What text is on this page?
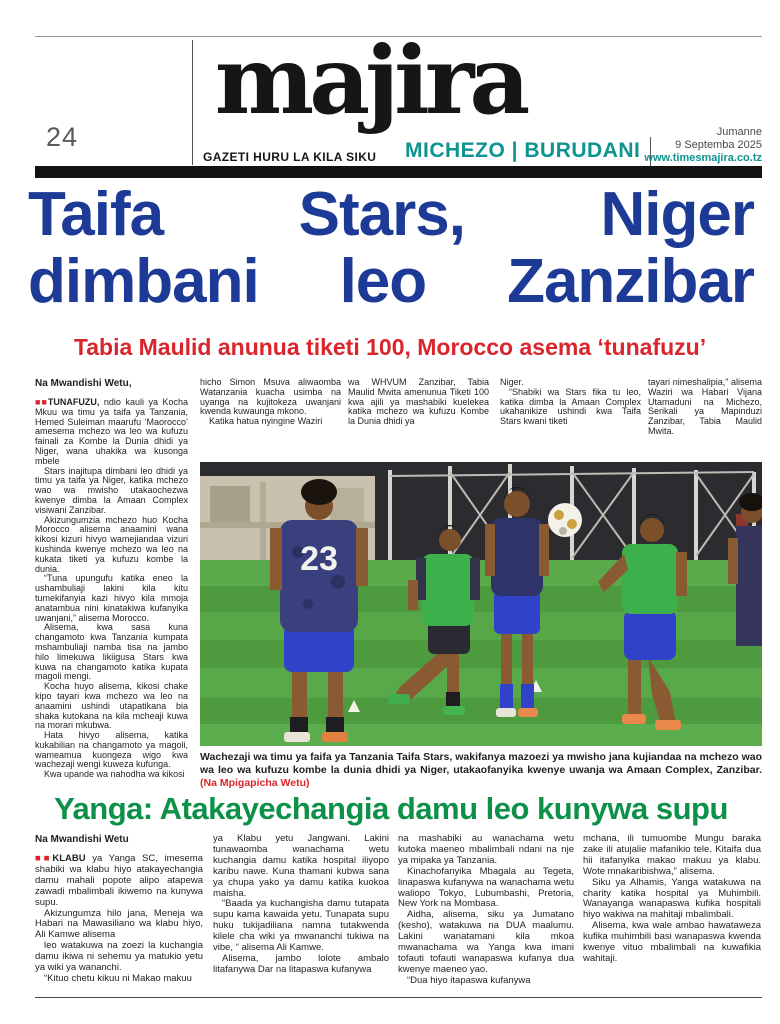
24
majira
GAZETI HURU LA KILA SIKU MICHEZO | BURUDANI
Jumanne
9 Septemba 2025
www.timesmajira.co.tz
Taifa Stars, Niger
dimbani leo Zanzibar
Tabia Maulid anunua tiketi 100, Morocco asema ‘tunafuzu’
Na Mwandishi Wetu,

■■TUNAFUZU, ndio kauli ya Kocha Mkuu wa timu ya taifa ya Tanzania, Hemed Suleiman maarufu ‘Maorocco’ amesema mchezo wa leo wa kufuzu fainali za Kombe la Dunia dhidi ya Niger, wana uhakika wa kusonga mbele

Stars inajitupa dimbani leo dhidi ya timu ya taifa ya Niger, katika mchezo wao wa mwisho utakaochezwa kwenye dimba la Amaan Complex visiwani Zanzibar.

Akizungumzia mchezo huo Kocha Morocco alisema anaamini wana kikosi kizuri hivyo wamejiandaa vizuri kushinda kwenye mchezo wa leo na kukata tiketi ya kufuzu kombe la dunia.

“Tuna upungufu katika eneo la ushambuliaji lakini kila kitu tumekifanyia kazi hivyo kila mmoja anatambua nini kinatakiwa kufanyika uwanjani,” alisema Morocco.

Alisema, kwa sasa kuna changamoto kwa Tanzania kumpata mshambuliaji namba tisa na jambo hilo limekuwa likiigusa Stars kwa kuwa na changamoto katika kupata magoli mengi.

Kocha huyo alisema, kikosi chake kipo tayari kwa mchezo wa leo na anaamini ushindi utapatikana bia shaka kutokana na kila mcheaji kuwa na morari mkubwa.

Hata hivyo alisema, katika kukabilian na changamoto ya magoli, wameamua kuongeza wigo kwa wachezaji wengi kuweza kufunga.

Kwa upande wa nahodha wa kikosi

hicho Simon Msuva aliwaomba Watanzania kuacha usimba na uyanga na kujitokeza uwanjani kwenda kuwaunga mkono.

Katika hatua nyingine Waziri

wa WHVUM Zanzibar, Tabia Maulid Mwita amenunua Tiketi 100 kwa ajili ya mashabiki kuelekea katika mchezo wa kufuzu Kombe la Dunia dhidi ya

Niger.

“Shabiki wa Stars fika tu leo, katika dimba la Amaan Complex ukahanikize ushindi kwa Taifa Stars kwani tiketi

tayari nimeshalipia,” alisema Waziri wa Habari Vijana Utamaduni na Michezo, Serikali ya Mapinduzi Zanzibar, Tabia Maulid Mwita.

23
Wachezaji wa timu ya faifa ya Tanzania Taifa Stars, wakifanya mazoezi ya mwisho jana kujiandaa na mchezo wao wa leo wa kufuzu kombe la dunia dhidi ya Niger, utakaofanyika kwenye uwanja wa Amaan Complex, Zanzibar. (Na Mpigapicha Wetu)
Yanga: Atakayechangia damu leo kunywa supu
Na Mwandishi Wetu

■■KLABU ya Yanga SC, imesema shabiki wa klabu hiyo atakayechangia damu mahali popote alipo atapewa zawadi mbalimbali ikiwemo na kunywa supu.

Akizungumza hilo jana, Meneja wa Habari na Mawasiliano wa klabu hiyo, Ali Kamwe alisema

leo watakuwa na zoezi la kuchangia damu ikiwa ni sehemu ya matukio yetu ya wiki ya wananchi.

“Kituo chetu kikuu ni Makao makuu

ya Klabu yetu Jangwani. Lakini tunawaomba wanachama wetu kuchangia damu katika hospital iliyopo karibu nawe. Kuna thamani kubwa sana ya chupa yako ya damu katika kuokoa maisha.

“Baada ya kuchangisha damu tutapata supu kama kawaida yetu. Tunapata supu huku tukijadiliana namna tutakwenda kilele cha wiki ya mwananchi tukiwa na vibe, “ alisema Ali Kamwe.

Alisema, jambo lolote ambalo litafanywa Dar na litapaswa kufanywa

na mashabiki au wanachama wetu kutoka maeneo mbalimbali ndani na nje ya mipaka ya Tanzania.

Kinachofanyika Mbagala au Tegeta, linapaswa kufanywa na wanachama wetu waliopo Tokyo, Lubumbashi, Pretoria, New York na Mombasa.

Aidha, alisema, siku ya Jumatano (kesho), watakuwa na DUA maalumu. Lakini wanatamani kila mkoa mwanachama wa Yanga kwa imani tofauti tofauti wanapaswa kufanya dua kwenye maeneo yao.

“Dua hiyo itapaswa kufanywa

mchana, ili tumuombe Mungu baraka zake ili atujalie mafanikio tele. Kitaifa dua hii itafanyika makao makuu ya klabu. Wote mnakaribishwa,” alisema.

Siku ya Alhamis, Yanga watakuwa na charity katika hospital ya Muhimbili. Wanayanga wanapaswa kufika hospitali hiyo wakiwa na mahitaji mbalimbali.

Alisema, kwa wale ambao hawataweza kufika muhimbili basi wanapaswa kwenda kwenye vituo mbalimbali na kuwafikia wahitaji.
